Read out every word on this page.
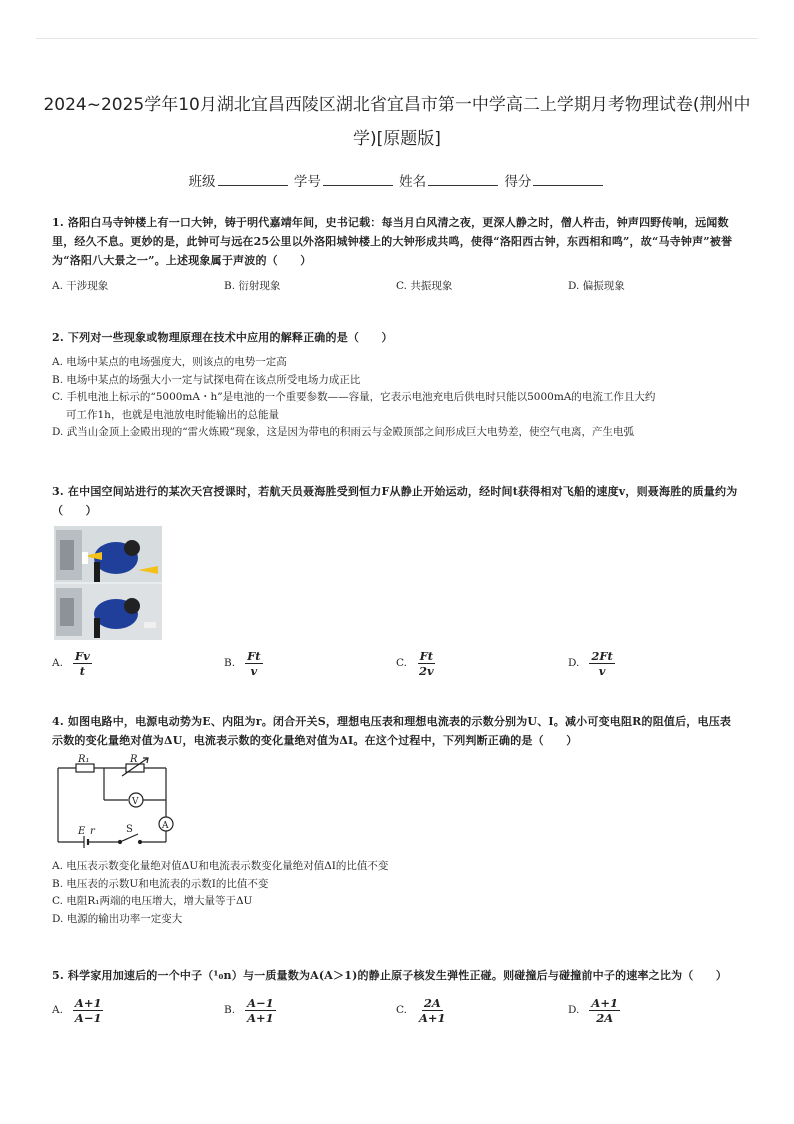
2024~2025学年10月湖北宜昌西陵区湖北省宜昌市第一中学高二上学期月考物理试卷(荆州中学)[原题版]
班级	学号	姓名	得分
1. 洛阳白马寺钟楼上有一口大钟，铸于明代嘉靖年间，史书记载：每当月白风清之夜，更深人静之时，僧人杵击，钟声四野传响，远闻数里，经久不息。更妙的是，此钟可与远在25公里以外洛阳城钟楼上的大钟形成共鸣，使得“洛阳西古钟，东西相和鸣”，故“马寺钟声”被誉为“洛阳八大景之一”。上述现象属于声波的（　　）
A. 干涉现象	B. 衍射现象	C. 共振现象	D. 偏振现象
2. 下列对一些现象或物理原理在技术中应用的解释正确的是（　　）
A. 电场中某点的电场强度大，则该点的电势一定高
B. 电场中某点的场强大小一定与试探电荷在该点所受电场力成正比
C. 手机电池上标示的“5000mA・h”是电池的一个重要参数——容量，它表示电池充电后供电时只能以5000mA的电流工作且大约
可工作1h，也就是电池放电时能输出的总能量
D. 武当山金顶上金殿出现的“雷火炼殿”现象，这是因为带电的积雨云与金殿顶部之间形成巨大电势差，使空气电离，产生电弧
3. 在中国空间站进行的某次天宫授课时，若航天员聂海胜受到恒力F从静止开始运动，经时间t获得相对飞船的速度v，则聂海胜的质量约为（　　）
A. $\frac{Fv}{t}$	B. $\frac{Ft}{v}$	C. $\frac{Ft}{2v}$	D. $\frac{2Ft}{v}$
4. 如图电路中，电源电动势为E、内阻为r。闭合开关S，理想电压表和理想电流表的示数分别为U、I。减小可变电阻R的阻值后，电压表示数的变化量绝对值为ΔU，电流表示数的变化量绝对值为ΔI。在这个过程中，下列判断正确的是（　　）
R₁	R
V
A
E r	S
A. 电压表示数变化量绝对值ΔU和电流表示数变化量绝对值ΔI的比值不变
B. 电压表的示数U和电流表的示数I的比值不变
C. 电阻R₁两端的电压增大，增大量等于ΔU
D. 电源的输出功率一定变大
5. 科学家用加速后的一个中子（¹₀n）与一质量数为A(A＞1)的静止原子核发生弹性正碰。则碰撞后与碰撞前中子的速率之比为（　　）
A. $\frac{A+1}{A-1}$	B. $\frac{A-1}{A+1}$	C. $\frac{2A}{A+1}$	D. $\frac{A+1}{2A}$
